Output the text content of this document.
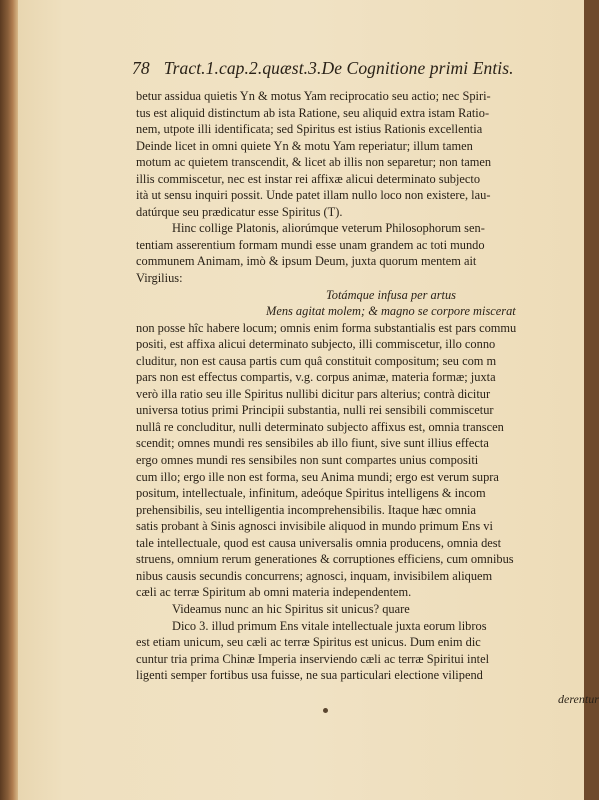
78 Tract.1.cap.2.quæst.3.De Cognitione primi Entis.
betur assidua quietis Yn & motus Yam reciprocatio seu actio; nec Spiri-
tus est aliquid distinctum ab ista Ratione, seu aliquid extra istam Ratio-
nem, utpote illi identificata; sed Spiritus est istius Rationis excellentia
Deinde licet in omni quiete Yn & motu Yam reperiatur; illum tamen
motum ac quietem transcendit, & licet ab illis non separetur; non tamen
illis commiscetur, nec est instar rei affixæ alicui determinato subjecto
ità ut sensu inquiri possit. Unde patet illam nullo loco non existere, lau-
datúrque seu prædicatur esse Spiritus (T).
Hinc collige Platonis, aliorúmque veterum Philosophorum sen-
tentiam asserentium formam mundi esse unam grandem ac toti mundo
communem Animam, imò & ipsum Deum, juxta quorum mentem ait
Virgilius:
Totámque infusa per artus
Mens agitat molem; & magno se corpore miscerat
non posse hîc habere locum; omnis enim forma substantialis est pars commu
positi, est affixa alicui determinato subjecto, illi commiscetur, illo conno
cluditur, non est causa partis cum quâ constituit compositum; seu com m
pars non est effectus compartis, v.g. corpus animæ, materia formæ; juxta
verò illa ratio seu ille Spiritus nullibi dicitur pars alterius; contrà dicitur
universa totius primi Principii substantia, nulli rei sensibili commiscetur
nullâ re concluditur, nulli determinato subjecto affixus est, omnia transcen
scendit; omnes mundi res sensibiles ab illo fiunt, sive sunt illius effecta
ergo omnes mundi res sensibiles non sunt compartes unius compositi
cum illo; ergo ille non est forma, seu Anima mundi; ergo est verum supra
positum, intellectuale, infinitum, adeóque Spiritus intelligens & incom
prehensibilis, seu intelligentia incomprehensibilis. Itaque hæc omnia
satis probant à Sinis agnosci invisibile aliquod in mundo primum Ens vi
tale intellectuale, quod est causa universalis omnia producens, omnia dest
struens, omnium rerum generationes & corruptiones efficiens, cum omnibus
nibus causis secundis concurrens; agnosci, inquam, invisibilem aliquem
cæli ac terræ Spiritum ab omni materia independentem.
Videamus nunc an hic Spiritus sit unicus? quare
Dico 3. illud primum Ens vitale intellectuale juxta eorum libros
est etiam unicum, seu cæli ac terræ Spiritus est unicus. Dum enim dic
cuntur tria prima Chinæ Imperia inserviendo cæli ac terræ Spiritui intel
ligenti semper fortibus usa fuisse, ne sua particulari electione vilipend
derentur
